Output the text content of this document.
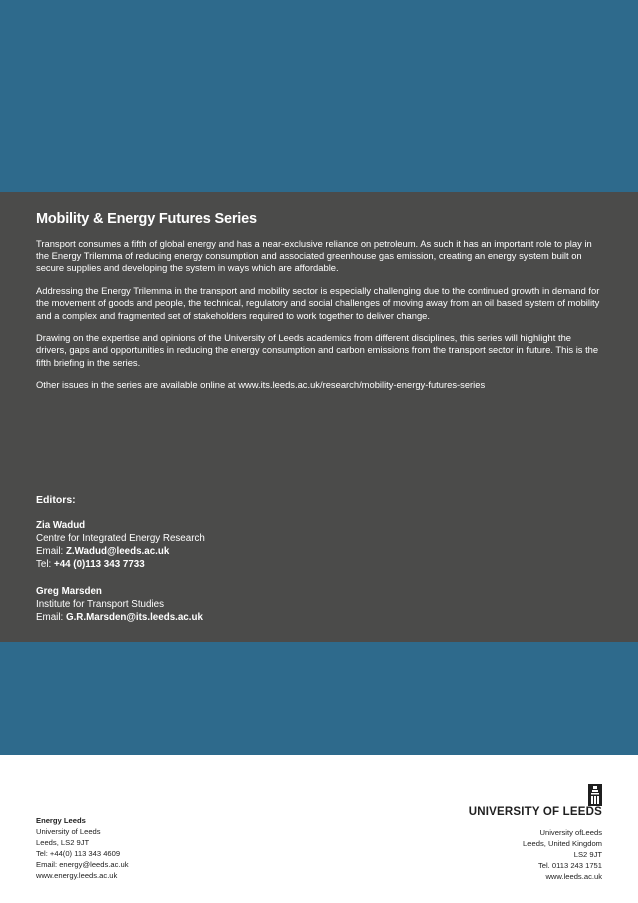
Mobility & Energy Futures Series

Transport consumes a fifth of global energy and has a near-exclusive reliance on petroleum. As such it has an important role to play in the Energy Trilemma of reducing energy consumption and associated greenhouse gas emission, creating an energy system built on secure supplies and developing the system in ways which are affordable.

Addressing the Energy Trilemma in the transport and mobility sector is especially challenging due to the continued growth in demand for the movement of goods and people, the technical, regulatory and social challenges of moving away from an oil based system of mobility and a complex and fragmented set of stakeholders required to work together to deliver change.

Drawing on the expertise and opinions of the University of Leeds academics from different disciplines, this series will highlight the drivers, gaps and opportunities in reducing the energy consumption and carbon emissions from the transport sector in future. This is the fifth briefing in the series.

Other issues in the series are available online at www.its.leeds.ac.uk/research/mobility-energy-futures-series

Editors:
Zia Wadud
Centre for Integrated Energy Research
Email: Z.Wadud@leeds.ac.uk
Tel: +44 (0)113 343 7733
Greg Marsden
Institute for Transport Studies
Email: G.R.Marsden@its.leeds.ac.uk
Energy Leeds
University of Leeds
Leeds, LS2 9JT
Tel: +44(0) 113 343 4609
Email: energy@leeds.ac.uk
www.energy.leeds.ac.uk
UNIVERSITY OF LEEDS
University ofLeeds
Leeds, United Kingdom
LS2 9JT
Tel. 0113 243 1751
www.leeds.ac.uk
